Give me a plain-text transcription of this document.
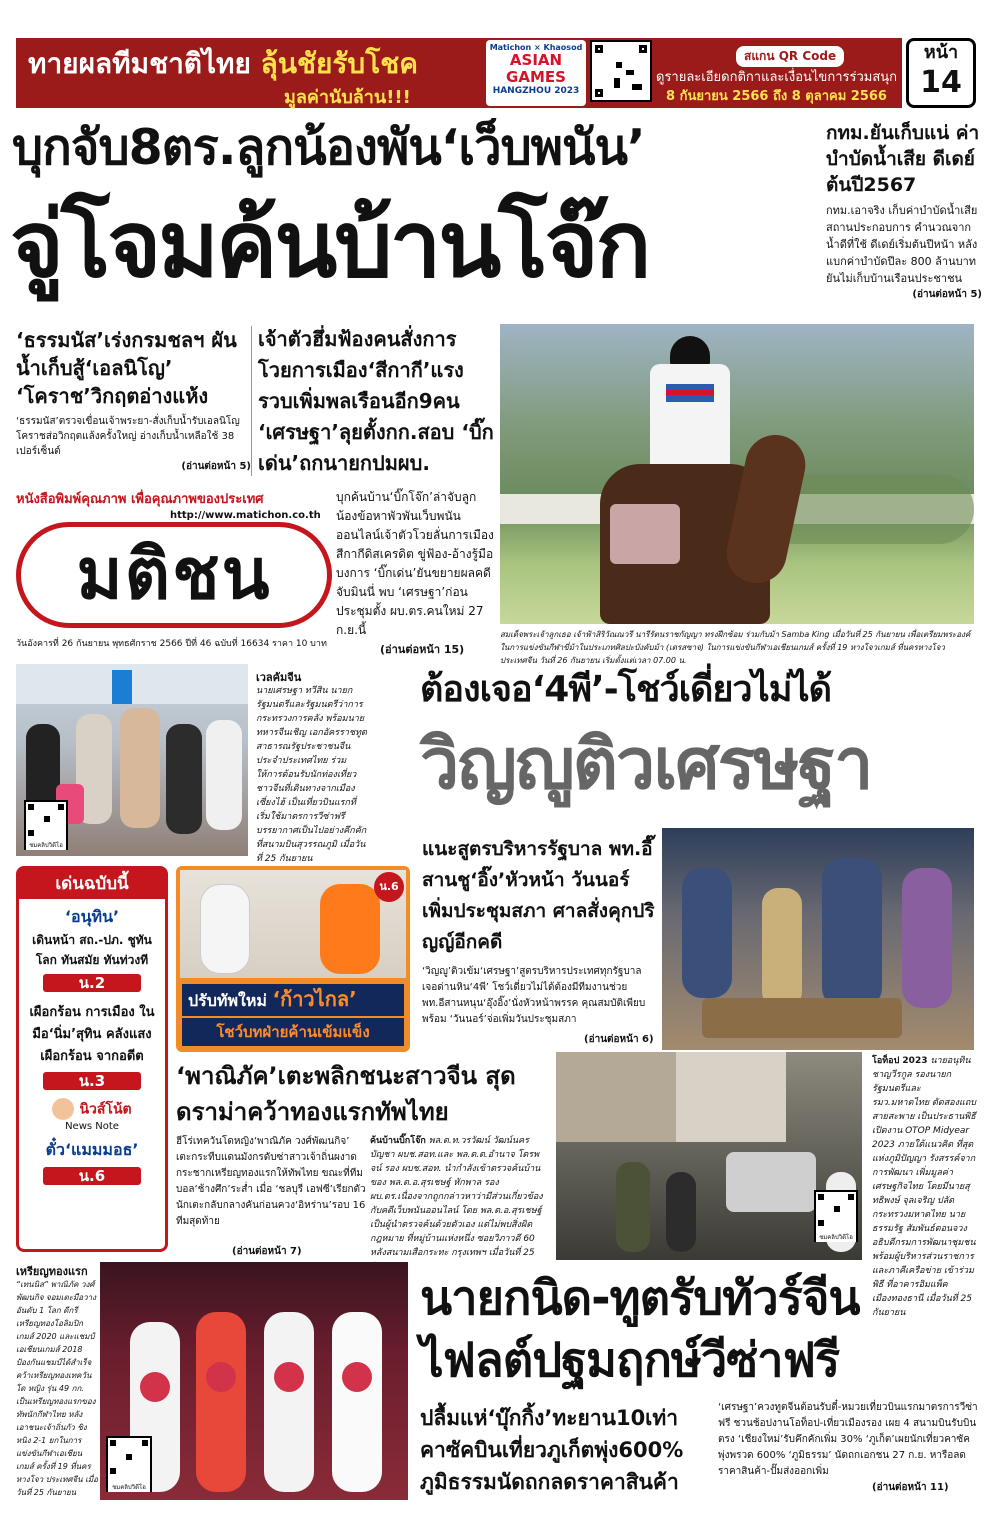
ทายผลทีมชาติไทย ลุ้นชัยรับโชค
มูลค่านับล้าน!!!
Matichon × Khaosod
ASIAN GAMES
HANGZHOU 2023
สแกน QR Code
ดูรายละเอียดกติกาและเงื่อนไขการร่วมสนุก
8 กันยายน 2566 ถึง 8 ตุลาคม 2566
หน้า
14
บุกจับ8ตร.ลูกน้องพัน‘เว็บพนัน’
จู่โจมค้นบ้านโจ๊ก
กทม.ยันเก็บแน่ ค่าบำบัดน้ำเสีย ดีเดย์ต้นปี2567
กทม.เอาจริง เก็บค่าบำบัดน้ำเสียสถานประกอบการ คำนวณจากน้ำดีที่ใช้ ดีเดย์เริ่มต้นปีหน้า หลังแบกค่าบำบัดปีละ 800 ล้านบาท ยันไม่เก็บบ้านเรือนประชาชน
(อ่านต่อหน้า 5)
‘ธรรมนัส’เร่งกรมชลฯ ผันน้ำเก็บสู้‘เอลนิโญ’ ‘โคราช’วิกฤตอ่างแห้ง
‘ธรรมนัส’ตรวจเขื่อนเจ้าพระยา-สั่งเก็บน้ำรับเอลนิโญ โคราชส่อวิกฤตแล้งครั้งใหญ่ อ่างเก็บน้ำเหลือใช้ 38 เปอร์เซ็นต์
(อ่านต่อหน้า 5)
เจ้าตัวฮึ่มฟ้องคนสั่งการ โวยการเมือง‘สีกากี’แรง รวบเพิ่มพลเรือนอีก9คน ‘เศรษฐา’ลุยตั้งกก.สอบ ‘บิ๊กเด่น’ถกนายกปมผบ.
บุกค้นบ้าน‘บิ๊กโจ๊ก’ล่าจับลูกน้องข้อหาพัวพันเว็บพนันออนไลน์เจ้าตัวโวยลั่นการเมืองสีกากีดิสเครดิต ขู่ฟ้อง-อ้างรู้มือบงการ ‘บิ๊กเด่น’ยันขยายผลคดีจับมินนี่ พบ ‘เศรษฐา’ก่อนประชุมตั้ง ผบ.ตร.คนใหม่ 27 ก.ย.นี้
(อ่านต่อหน้า 15)
หนังสือพิมพ์คุณภาพ เพื่อคุณภาพของประเทศ
http://www.matichon.co.th
มติชน
วันอังคารที่ 26 กันยายน พุทธศักราช 2566 ปีที่ 46 ฉบับที่ 16634 ราคา 10 บาท
สมเด็จพระเจ้าลูกเธอ เจ้าฟ้าสิริวัณณวรี นารีรัตนราชกัญญา ทรงฝึกซ้อม ร่วมกับม้า Samba King เมื่อวันที่ 25 กันยายน เพื่อเตรียมพระองค์ในการแข่งขันกีฬาขี่ม้าในประเภทศิลปะบังคับม้า (เดรสซาจ) ในการแข่งขันกีฬาเอเชียนเกมส์ ครั้งที่ 19 หางโจวเกมส์ ที่นครหางโจว ประเทศจีน วันที่ 26 กันยายน เริ่มตั้งแต่เวลา 07.00 น.
ชมคลิปวิดีโอ
เวลคัมจีน
นายเศรษฐา ทวีสิน นายกรัฐมนตรีและรัฐมนตรีว่าการกระทรวงการคลัง พร้อมนายทหารจีนเชิญ เอกอัครราชทูตสาธารณรัฐประชาชนจีนประจำประเทศไทย ร่วมให้การต้อนรับนักท่องเที่ยวชาวจีนที่เดินทางจากเมืองเซี่ยงไฮ้ เป็นเที่ยวบินแรกที่เริ่มใช้มาตรการวีซ่าฟรี บรรยากาศเป็นไปอย่างคึกคัก ที่สนามบินสุวรรณภูมิ เมื่อวันที่ 25 กันยายน
ต้องเจอ‘4พี’-โชว์เดี่ยวไม่ได้
วิญญูติวเศรษฐา
แนะสูตรบริหารรัฐบาล พท.อี๊สานชู‘อิ๊ง’หัวหน้า วันนอร์เพิ่มประชุมสภา ศาลสั่งคุกปริญญ์อีกคดี
‘วิญญู’ติวเข้ม‘เศรษฐา’สูตรบริหารประเทศทุกรัฐบาล เจอด่านหิน‘4พี’ โชว์เดี่ยวไม่ได้ต้องมีทีมงานช่วย พท.อีสานหนุน‘อุ๊งอิ๊ง’นั่งหัวหน้าพรรค คุณสมบัติเพียบพร้อม ‘วันนอร์’จ่อเพิ่มวันประชุมสภา
(อ่านต่อหน้า 6)
เด่นฉบับนี้
‘อนุทิน’
เดินหน้า สถ.-ปภ. ชูทันโลก ทันสมัย ทันท่วงที
น.2
เผือกร้อน การเมือง ในมือ‘นิ่ม’สุทิน คลังแสง เผือกร้อน จากอดีต
น.3
นิวส์โน้ต
News Note
ตั๋ว‘แมมมอธ’
น.6
น.6
ปรับทัพใหม่ ‘ก้าวไกล’
โชว์บทฝ่ายค้านเข้มแข็ง
‘พาณิภัค’เตะพลิกชนะสาวจีน สุดดราม่าคว้าทองแรกทัพไทย
ฮีโร่เทควันโดหญิง‘พาณิภัค วงศ์พัฒนกิจ’ เตะกระทืบแดนมังกรดับซ่าสาวเจ้าถิ่นผงาดกระชากเหรียญทองแรกให้ทัพไทย ขณะที่ทีมบอล‘ช้างศึก’ระส่ำ เมื่อ ‘ชลบุรี เอฟซี’เรียกตัวนักเตะกลับกลางคันก่อนควง‘อิหร่าน’รอบ 16 ทีมสุดท้าย
(อ่านต่อหน้า 7)
ค้นบ้านบิ๊กโจ๊ก พล.ต.ท.วรวัฒน์ วัฒน์นครบัญชา ผบช.สอท.และ พล.ต.ต.อำนาจ โตรพจน์ รอง ผบช.สอท. นำกำลังเข้าตรวจค้นบ้านของ พล.ต.อ.สุรเชษฐ์ หักพาล รอง ผบ.ตร.เนื่องจากถูกกล่าวหาว่ามีส่วนเกี่ยวข้องกับคดีเว็บพนันออนไลน์ โดย พล.ต.อ.สุรเชษฐ์เป็นผู้นำตรวจค้นด้วยตัวเอง แต่ไม่พบสิ่งผิดกฎหมาย ที่หมู่บ้านแห่งหนึ่ง ซอยวิภาวดี 60 หลังสนามเสือกระทะ กรุงเทพฯ เมื่อวันที่ 25
โอท็อป 2023 นายอนุทิน ชาญวีรกูล รองนายกรัฐมนตรีและ รมว.มหาดไทย ตัดสองแถบสายสะพาย เป็นประธานพิธีเปิดงาน OTOP Midyear 2023 ภายใต้แนวคิด ที่สุดแห่งภูมิปัญญา รังสรรค์จากการพัฒนา เพิ่มมูลค่าเศรษฐกิจไทย โดยมีนายสุทธิพงษ์ จุลเจริญ ปลัดกระทรวงมหาดไทย นายธรรมรัฐ สัมพันธ์ตอนจวง อธิบดีกรมการพัฒนาชุมชน พร้อมผู้บริหารส่วนราชการและภาคีเครือข่าย เข้าร่วมพิธี ที่อาคารอิมแพ็ค เมืองทองธานี เมื่อวันที่ 25 กันยายน
ชมคลิปวิดีโอ
เหรียญทองแรก
“เทนนิส” พาณิภัค วงศ์พัฒนกิจ จอมเตะมือวางอันดับ 1 โลก ดีกรีเหรียญทองโอลิมปิกเกมส์ 2020 และแชมป์เอเชียนเกมส์ 2018 ป้องกันแชมป์ได้สำเร็จคว้าเหรียญทองเทควันโด หญิง รุ่น 49 กก. เป็นเหรียญทองแรกของทัพนักกีฬาไทย หลังเอาชนะเจ้าถิ่นกัว ชิงหนิง 2-1 ยกในการแข่งขันกีฬาเอเชียนเกมส์ ครั้งที่ 19 ที่นครหางโจว ประเทศจีน เมื่อวันที่ 25 กันยายน
ชมคลิปวิดีโอ
นายกนิด-ทูตรับทัวร์จีน
ไฟลต์ปฐมฤกษ์วีซ่าฟรี
ปลื้มแห่‘บุ๊กกิ้ง’ทะยาน10เท่า คาซัคบินเที่ยวภูเก็ตพุ่ง600% ภูมิธรรมนัดถกลดราคาสินค้า
‘เศรษฐา’ควงทูตจีนต้อนรับตี๋-หมวยเที่ยวบินแรกมาตรการวีซ่าฟรี ชวนช้อปงานโอท็อป-เที่ยวเมืองรอง เผย 4 สนามบินรับบินตรง ‘เชียงใหม่’รับคึกคักเพิ่ม 30% ‘ภูเก็ต’เผยนักเที่ยวคาซัคพุ่งพรวด 600% ‘ภูมิธรรม’ นัดถกเอกชน 27 ก.ย. หารือลดราคาสินค้า-ปั๊มส่งออกเพิ่ม
(อ่านต่อหน้า 11)
